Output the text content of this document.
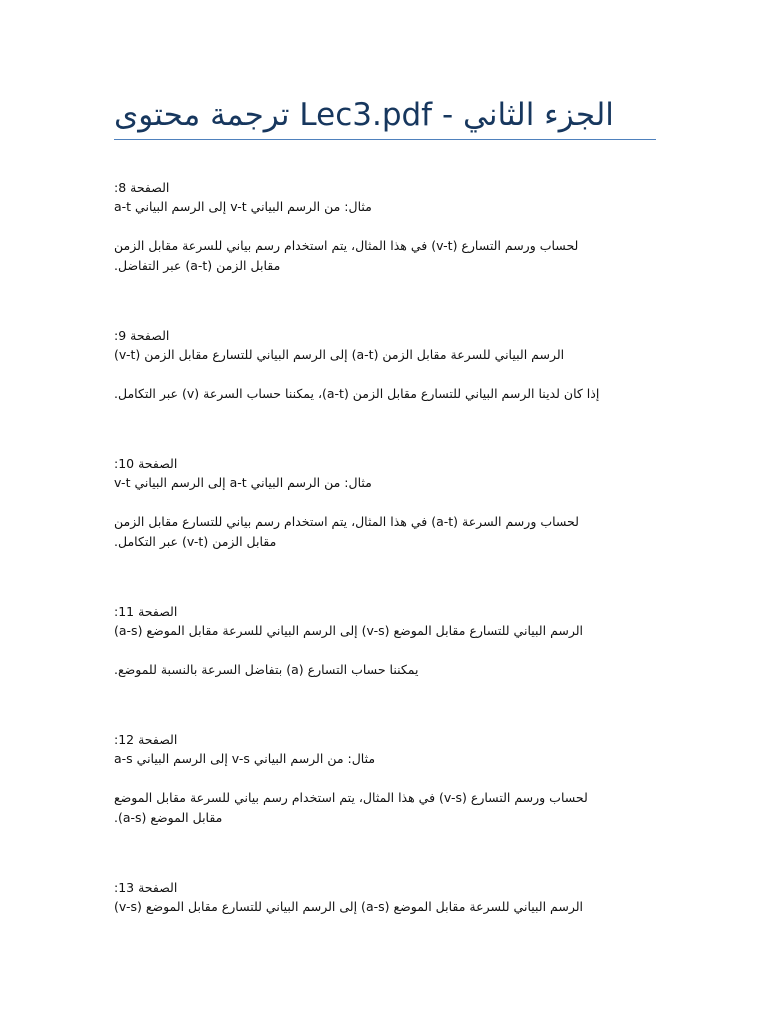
ترجمة محتوى Lec3.pdf - الجزء الثاني
الصفحة 8:
مثال: من الرسم البياني v-t إلى الرسم البياني a-t
لحساب ورسم التسارع (v-t) في هذا المثال، يتم استخدام رسم بياني للسرعة مقابل الزمن
مقابل الزمن (a-t) عبر التفاضل.
الصفحة 9:
الرسم البياني للسرعة مقابل الزمن (a-t) إلى الرسم البياني للتسارع مقابل الزمن (v-t)
إذا كان لدينا الرسم البياني للتسارع مقابل الزمن (a-t)، يمكننا حساب السرعة (v) عبر التكامل.
الصفحة 10:
مثال: من الرسم البياني a-t إلى الرسم البياني v-t
لحساب ورسم السرعة (a-t) في هذا المثال، يتم استخدام رسم بياني للتسارع مقابل الزمن
مقابل الزمن (v-t) عبر التكامل.
الصفحة 11:
الرسم البياني للتسارع مقابل الموضع (v-s) إلى الرسم البياني للسرعة مقابل الموضع (a-s)
يمكننا حساب التسارع (a) بتفاضل السرعة بالنسبة للموضع.
الصفحة 12:
مثال: من الرسم البياني v-s إلى الرسم البياني a-s
لحساب ورسم التسارع (v-s) في هذا المثال، يتم استخدام رسم بياني للسرعة مقابل الموضع
مقابل الموضع (a-s).
الصفحة 13:
الرسم البياني للسرعة مقابل الموضع (a-s) إلى الرسم البياني للتسارع مقابل الموضع (v-s)
